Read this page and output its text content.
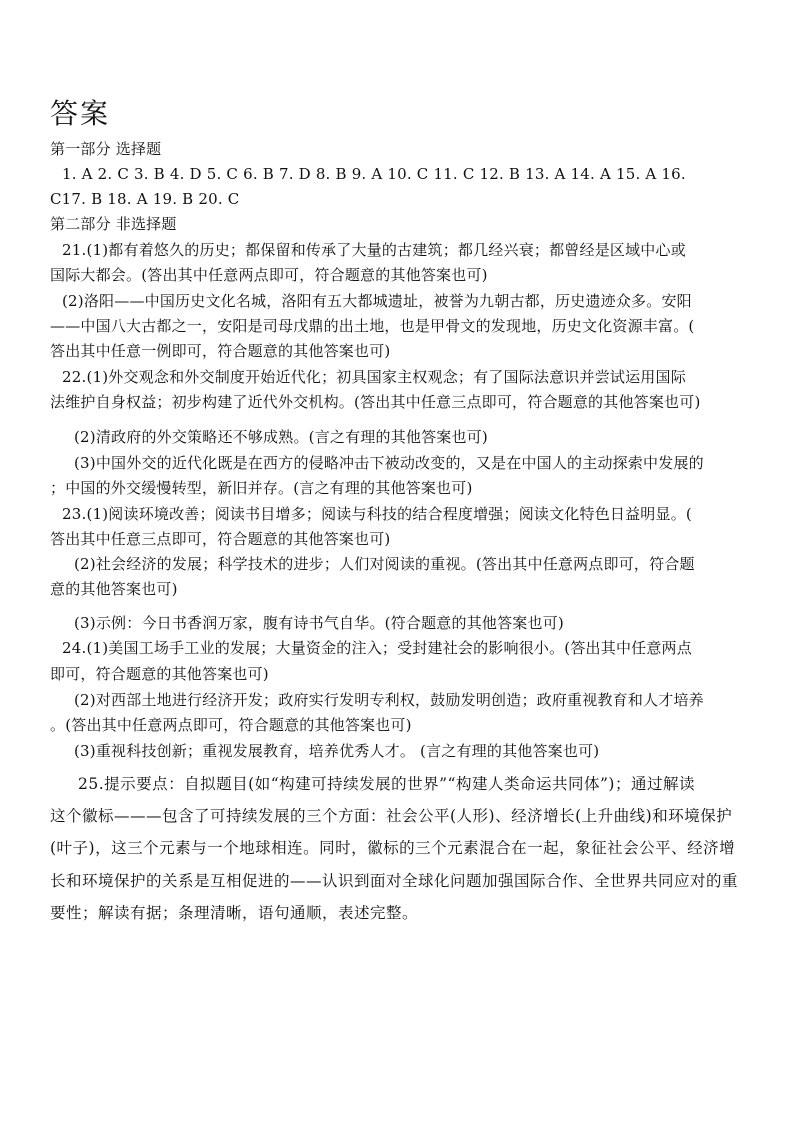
答案
第一部分 选择题
1. A 2. C 3. B 4. D 5. C 6. B 7. D 8. B 9. A 10. C 11. C 12. B 13. A 14. A 15. A 16.
C17. B 18. A 19. B 20. C
第二部分 非选择题
21.(1)都有着悠久的历史；都保留和传承了大量的古建筑；都几经兴衰；都曾经是区域中心或
国际大都会。(答出其中任意两点即可，符合题意的其他答案也可)
(2)洛阳——中国历史文化名城，洛阳有五大都城遗址，被誉为九朝古都，历史遗迹众多。安阳
——中国八大古都之一，安阳是司母戊鼎的出土地，也是甲骨文的发现地，历史文化资源丰富。(
答出其中任意一例即可，符合题意的其他答案也可)
22.(1)外交观念和外交制度开始近代化；初具国家主权观念；有了国际法意识并尝试运用国际
法维护自身权益；初步构建了近代外交机构。(答出其中任意三点即可，符合题意的其他答案也可)
(2)清政府的外交策略还不够成熟。(言之有理的其他答案也可)
(3)中国外交的近代化既是在西方的侵略冲击下被动改变的，又是在中国人的主动探索中发展的
；中国的外交缓慢转型，新旧并存。(言之有理的其他答案也可)
23.(1)阅读环境改善；阅读书目增多；阅读与科技的结合程度增强；阅读文化特色日益明显。(
答出其中任意三点即可，符合题意的其他答案也可)
(2)社会经济的发展；科学技术的进步；人们对阅读的重视。(答出其中任意两点即可，符合题
意的其他答案也可)
(3)示例：今日书香润万家，腹有诗书气自华。(符合题意的其他答案也可)
24.(1)美国工场手工业的发展；大量资金的注入；受封建社会的影响很小。(答出其中任意两点
即可，符合题意的其他答案也可)
(2)对西部土地进行经济开发；政府实行发明专利权，鼓励发明创造；政府重视教育和人才培养
。(答出其中任意两点即可，符合题意的其他答案也可)
(3)重视科技创新；重视发展教育，培养优秀人才。 (言之有理的其他答案也可)
25.提示要点：自拟题目(如“构建可持续发展的世界”“构建人类命运共同体”)；通过解读
这个徽标———包含了可持续发展的三个方面：社会公平(人形)、经济增长(上升曲线)和环境保护
(叶子)，这三个元素与一个地球相连。同时，徽标的三个元素混合在一起，象征社会公平、经济增
长和环境保护的关系是互相促进的——认识到面对全球化问题加强国际合作、全世界共同应对的重
要性；解读有据；条理清晰，语句通顺，表述完整。
